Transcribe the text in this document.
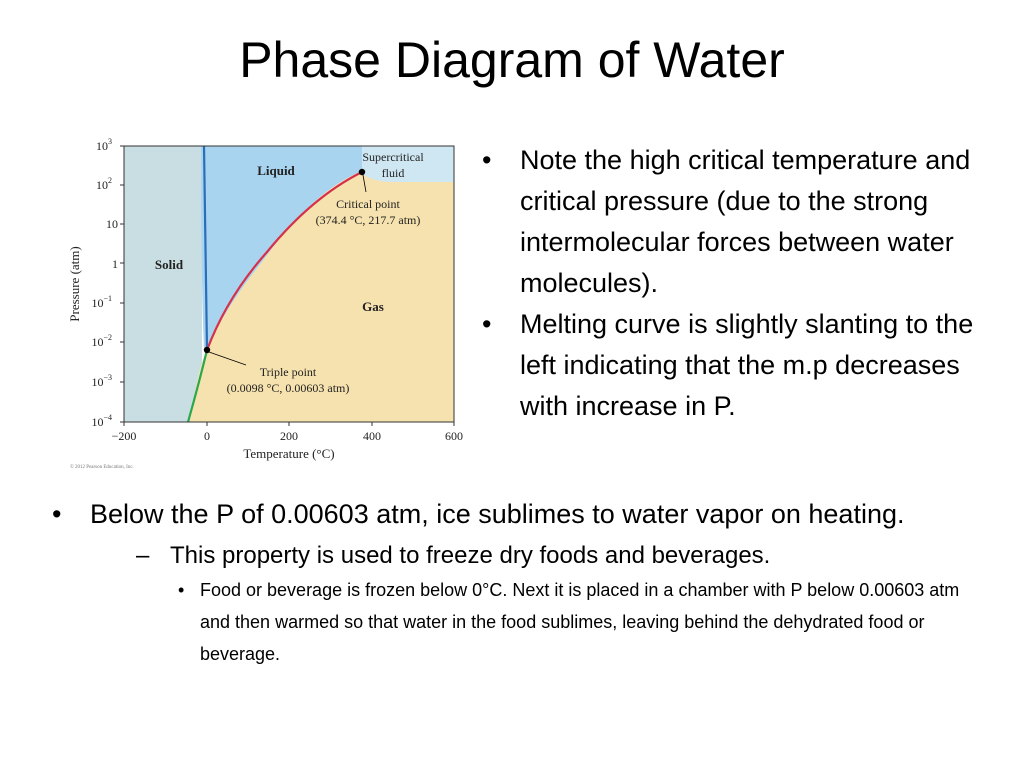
Phase Diagram of Water
$10^3$
$10^2$
10
1
$10^{-1}$
$10^{-2}$
$10^{-3}$
$10^{-4}$
−200	0	200	400	600
Temperature (°C)
Pressure (atm)	Solid
Liquid
Gas
Supercritical
fluid
Critical point
(374.4 °C, 217.7 atm)
Triple point
(0.0098 °C, 0.00603 atm)
© 2012 Pearson Education, Inc.
• Note the high critical temperature and critical pressure (due to the strong intermolecular forces between water molecules).
• Melting curve is slightly slanting to the left indicating that the m.p decreases with increase in P.
• Below the P of 0.00603 atm, ice sublimes to water vapor on heating.
– This property is used to freeze dry foods and beverages.
• Food or beverage is frozen below 0°C. Next it is placed in a chamber with P below 0.00603 atm and then warmed so that water in the food sublimes, leaving behind the dehydrated food or beverage.
